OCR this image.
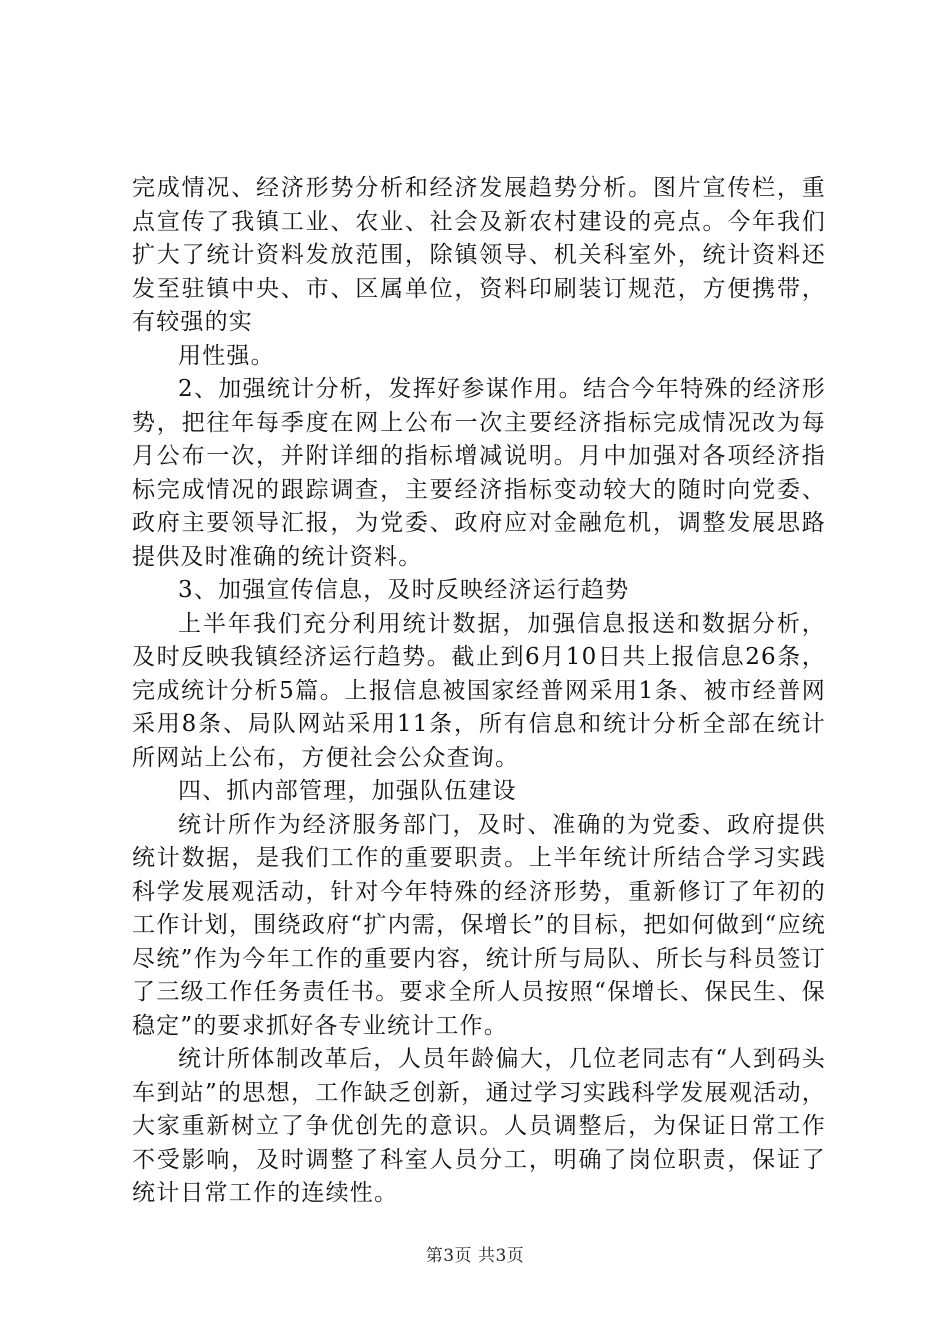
完成情况、经济形势分析和经济发展趋势分析。图片宣传栏，重点宣传了我镇工业、农业、社会及新农村建设的亮点。今年我们扩大了统计资料发放范围，除镇领导、机关科室外，统计资料还发至驻镇中央、市、区属单位，资料印刷装订规范，方便携带，有较强的实

用性强。

2、加强统计分析，发挥好参谋作用。结合今年特殊的经济形势，把往年每季度在网上公布一次主要经济指标完成情况改为每月公布一次，并附详细的指标增减说明。月中加强对各项经济指标完成情况的跟踪调查，主要经济指标变动较大的随时向党委、政府主要领导汇报，为党委、政府应对金融危机，调整发展思路提供及时准确的统计资料。

3、加强宣传信息，及时反映经济运行趋势

上半年我们充分利用统计数据，加强信息报送和数据分析，及时反映我镇经济运行趋势。截止到6月10日共上报信息26条，完成统计分析5篇。上报信息被国家经普网采用1条、被市经普网采用8条、局队网站采用11条，所有信息和统计分析全部在统计所网站上公布，方便社会公众查询。

四、抓内部管理，加强队伍建设

统计所作为经济服务部门，及时、准确的为党委、政府提供统计数据，是我们工作的重要职责。上半年统计所结合学习实践科学发展观活动，针对今年特殊的经济形势，重新修订了年初的工作计划，围绕政府“扩内需，保增长”的目标，把如何做到“应统尽统”作为今年工作的重要内容，统计所与局队、所长与科员签订了三级工作任务责任书。要求全所人员按照“保增长、保民生、保稳定”的要求抓好各专业统计工作。

统计所体制改革后，人员年龄偏大，几位老同志有“人到码头车到站”的思想，工作缺乏创新，通过学习实践科学发展观活动，大家重新树立了争优创先的意识。人员调整后，为保证日常工作不受影响，及时调整了科室人员分工，明确了岗位职责，保证了统计日常工作的连续性。

第3页 共3页
